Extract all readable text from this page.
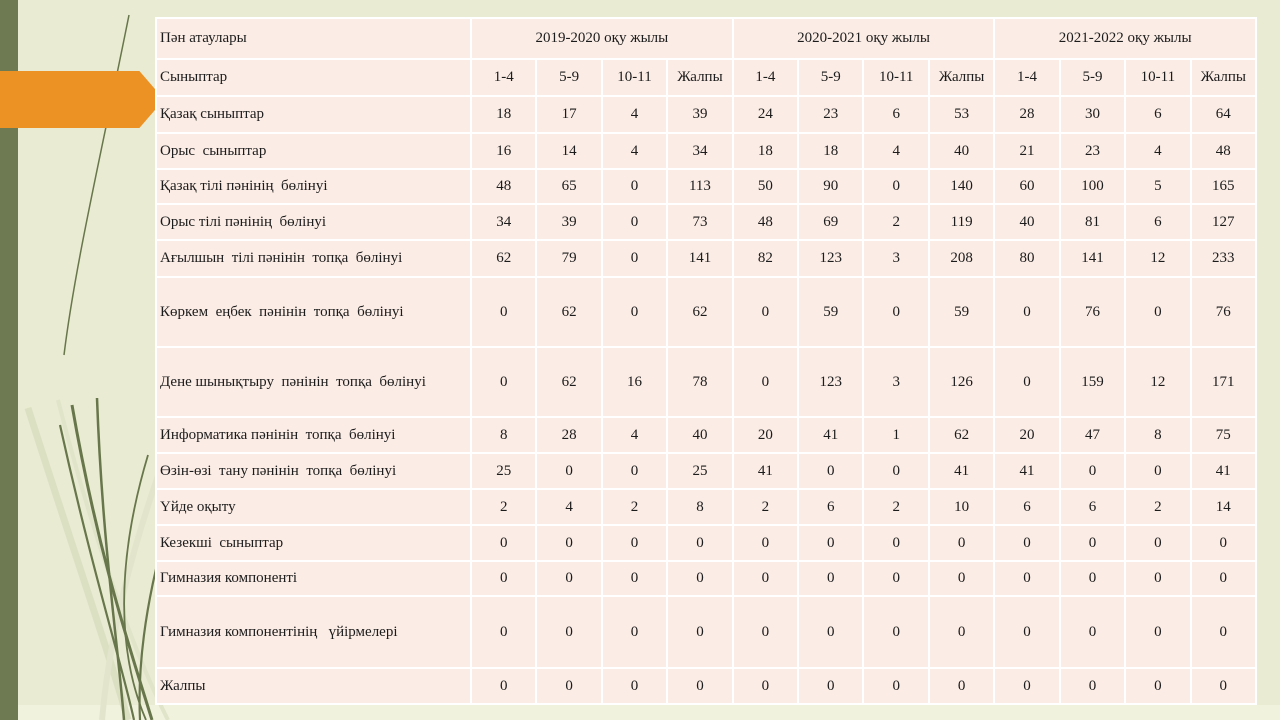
Пән атаулары	2019-2020 оқу жылы				2020-2021 оқу жылы				2021-2022 оқу жылы			
Сыныптар	1-4	5-9	10-11	Жалпы	1-4	5-9	10-11	Жалпы	1-4	5-9	10-11	Жалпы
Қазақ сыныптар	18	17	4	39	24	23	6	53	28	30	6	64
Орыс  сыныптар	16	14	4	34	18	18	4	40	21	23	4	48
Қазақ тілі пәнінің  бөлінуі	48	65	0	113	50	90	0	140	60	100	5	165
Орыс тілі пәнінің  бөлінуі	34	39	0	73	48	69	2	119	40	81	6	127
Ағылшын  тілі пәнінін  топқа  бөлінуі	62	79	0	141	82	123	3	208	80	141	12	233
Көркем  еңбек  пәнінін  топқа  бөлінуі	0	62	0	62	0	59	0	59	0	76	0	76
Дене шынықтыру  пәнінін  топқа  бөлінуі	0	62	16	78	0	123	3	126	0	159	12	171
Информатика пәнінін  топқа  бөлінуі	8	28	4	40	20	41	1	62	20	47	8	75
Өзін-өзі  тану пәнінін  топқа  бөлінуі	25	0	0	25	41	0	0	41	41	0	0	41
Үйде оқыту	2	4	2	8	2	6	2	10	6	6	2	14
Кезекші  сыныптар	0	0	0	0	0	0	0	0	0	0	0	0
Гимназия компоненті	0	0	0	0	0	0	0	0	0	0	0	0
Гимназия компонентінің   үйірмелері	0	0	0	0	0	0	0	0	0	0	0	0
Жалпы	0	0	0	0	0	0	0	0	0	0	0	0
